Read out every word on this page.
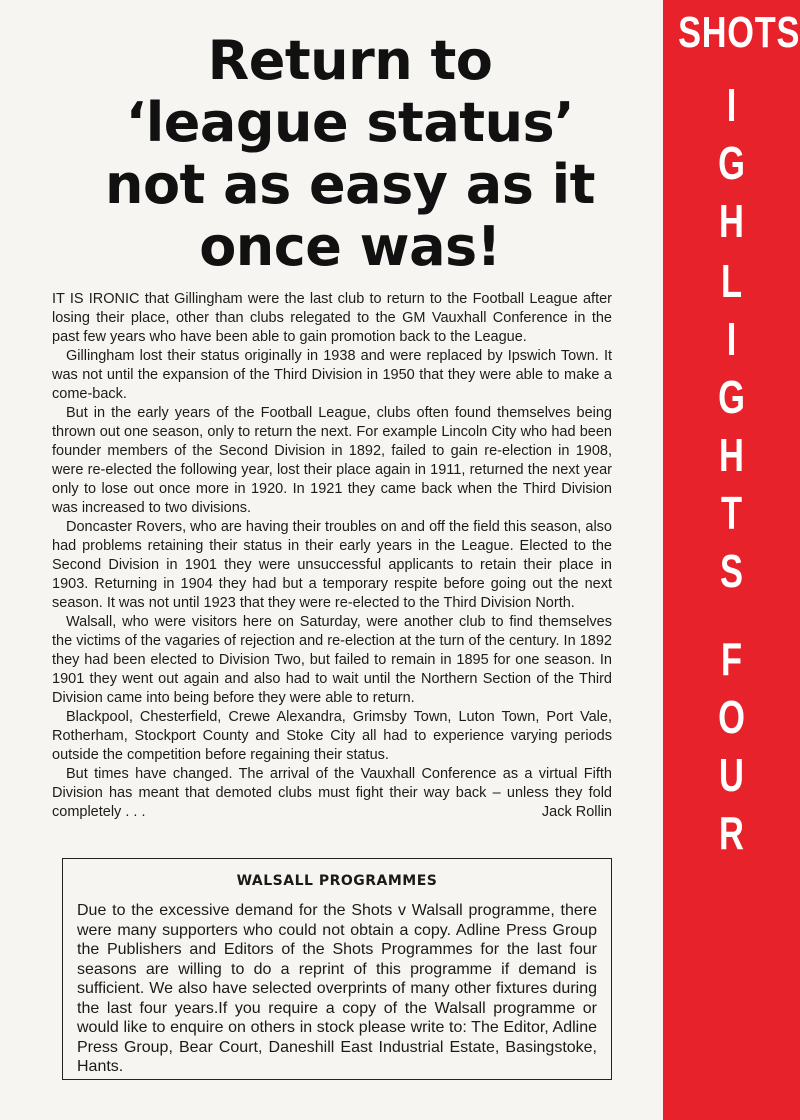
SHOTS
I
G
H
L
I
G
H
T
S
F
O
U
R
Return to
‘league status’
not as easy as it
once was!

IT IS IRONIC that Gillingham were the last club to return to the Football League after losing their place, other than clubs relegated to the GM Vauxhall Conference in the past few years who have been able to gain promotion back to the League.

Gillingham lost their status originally in 1938 and were replaced by Ipswich Town. It was not until the expansion of the Third Division in 1950 that they were able to make a come-back.

But in the early years of the Football League, clubs often found themselves being thrown out one season, only to return the next. For example Lincoln City who had been founder members of the Second Division in 1892, failed to gain re-election in 1908, were re-elected the following year, lost their place again in 1911, returned the next year only to lose out once more in 1920. In 1921 they came back when the Third Division was increased to two divisions.

Doncaster Rovers, who are having their troubles on and off the field this season, also had problems retaining their status in their early years in the League. Elected to the Second Division in 1901 they were unsuccessful applicants to retain their place in 1903. Returning in 1904 they had but a temporary respite before going out the next season. It was not until 1923 that they were re-elected to the Third Division North.

Walsall, who were visitors here on Saturday, were another club to find themselves the victims of the vagaries of rejection and re-election at the turn of the century. In 1892 they had been elected to Division Two, but failed to remain in 1895 for one season. In 1901 they went out again and also had to wait until the Northern Section of the Third Division came into being before they were able to return.

Blackpool, Chesterfield, Crewe Alexandra, Grimsby Town, Luton Town, Port Vale, Rotherham, Stockport County and Stoke City all had to experience varying periods outside the competition before regaining their status.

But times have changed. The arrival of the Vauxhall Conference as a virtual Fifth Division has meant that demoted clubs must fight their way back – unless they fold completely . . .	Jack Rollin
WALSALL PROGRAMMES
Due to the excessive demand for the Shots v Walsall programme, there were many supporters who could not obtain a copy. Adline Press Group the Publishers and Editors of the Shots Programmes for the last four seasons are willing to do a reprint of this programme if demand is sufficient. We also have selected overprints of many other fixtures during the last four years.If you require a copy of the Walsall programme or would like to enquire on others in stock please write to: The Editor, Adline Press Group, Bear Court, Daneshill East Industrial Estate, Basingstoke, Hants.
